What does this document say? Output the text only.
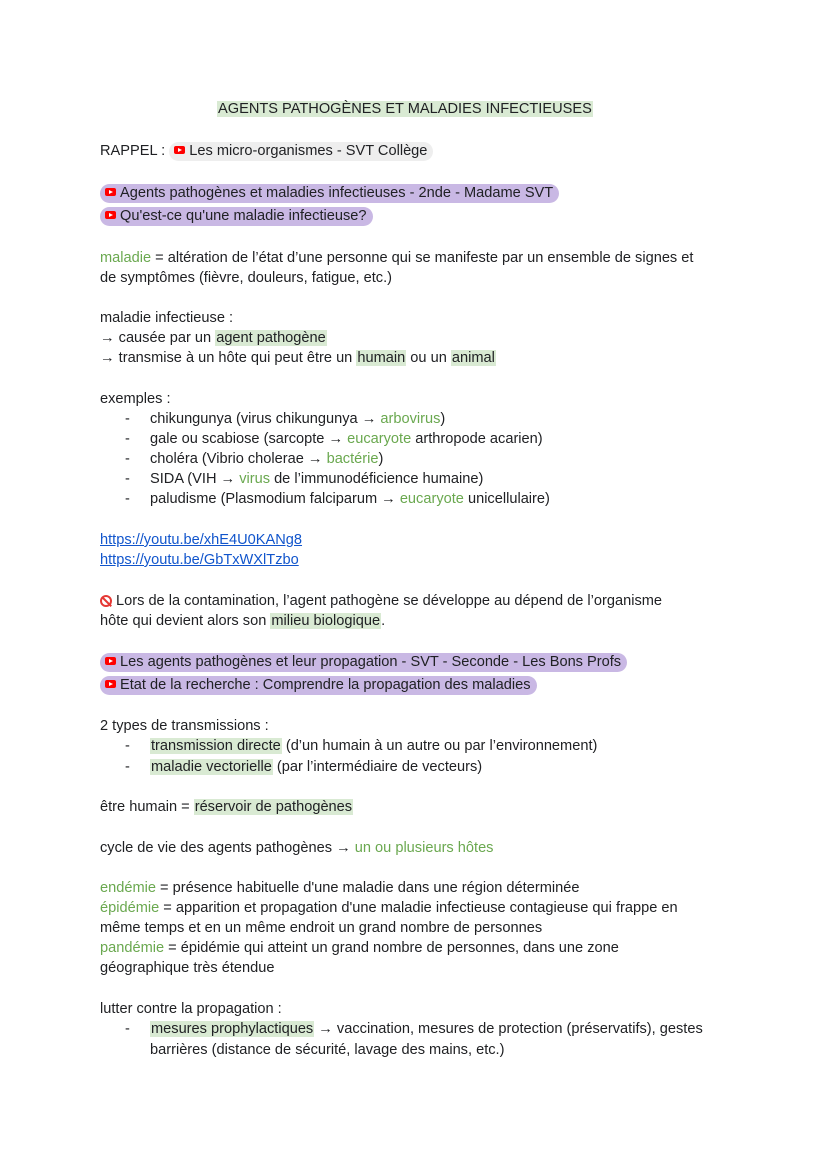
AGENTS PATHOGÈNES ET MALADIES INFECTIEUSES
RAPPEL : Les micro-organismes - SVT Collège
Agents pathogènes et maladies infectieuses - 2nde - Madame SVT
Qu'est-ce qu'une maladie infectieuse?
maladie = altération de l’état d’une personne qui se manifeste par un ensemble de signes et
de symptômes (fièvre, douleurs, fatigue, etc.)
maladie infectieuse :
→ causée par un agent pathogène
→ transmise à un hôte qui peut être un humain ou un animal
exemples :
- chikungunya (virus chikungunya → arbovirus)
- gale ou scabiose (sarcopte → eucaryote arthropode acarien)
- choléra (Vibrio cholerae → bactérie)
- SIDA (VIH → virus de l’immunodéficience humaine)
- paludisme (Plasmodium falciparum → eucaryote unicellulaire)
https://youtu.be/xhE4U0KANg8
https://youtu.be/GbTxWXlTzbo
Lors de la contamination, l’agent pathogène se développe au dépend de l’organisme
hôte qui devient alors son milieu biologique.
Les agents pathogènes et leur propagation - SVT - Seconde - Les Bons Profs
Etat de la recherche : Comprendre la propagation des maladies
2 types de transmissions :
- transmission directe (d’un humain à un autre ou par l’environnement)
- maladie vectorielle (par l’intermédiaire de vecteurs)
être humain = réservoir de pathogènes
cycle de vie des agents pathogènes → un ou plusieurs hôtes
endémie = présence habituelle d'une maladie dans une région déterminée
épidémie = apparition et propagation d'une maladie infectieuse contagieuse qui frappe en
même temps et en un même endroit un grand nombre de personnes
pandémie = épidémie qui atteint un grand nombre de personnes, dans une zone
géographique très étendue
lutter contre la propagation :
- mesures prophylactiques → vaccination, mesures de protection (préservatifs), gestes
barrières (distance de sécurité, lavage des mains, etc.)
